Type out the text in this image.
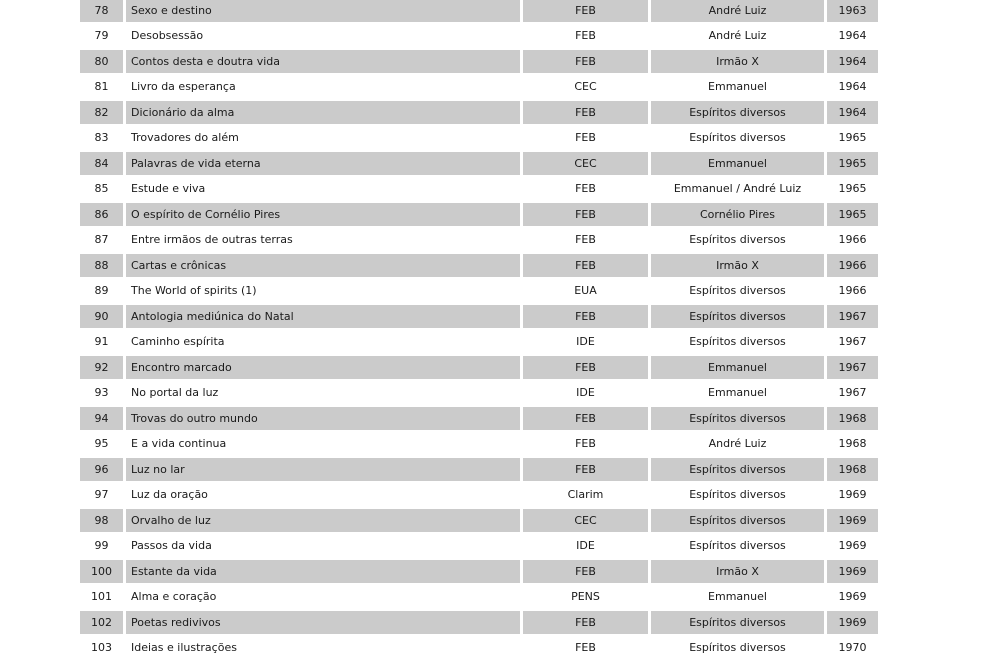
78	Sexo e destino	FEB	André Luiz	1963
79	Desobsessão	FEB	André Luiz	1964
80	Contos desta e doutra vida	FEB	Irmão X	1964
81	Livro da esperança	CEC	Emmanuel	1964
82	Dicionário da alma	FEB	Espíritos diversos	1964
83	Trovadores do além	FEB	Espíritos diversos	1965
84	Palavras de vida eterna	CEC	Emmanuel	1965
85	Estude e viva	FEB	Emmanuel / André Luiz	1965
86	O espírito de Cornélio Pires	FEB	Cornélio Pires	1965
87	Entre irmãos de outras terras	FEB	Espíritos diversos	1966
88	Cartas e crônicas	FEB	Irmão X	1966
89	The World of spirits (1)	EUA	Espíritos diversos	1966
90	Antologia mediúnica do Natal	FEB	Espíritos diversos	1967
91	Caminho espírita	IDE	Espíritos diversos	1967
92	Encontro marcado	FEB	Emmanuel	1967
93	No portal da luz	IDE	Emmanuel	1967
94	Trovas do outro mundo	FEB	Espíritos diversos	1968
95	E a vida continua	FEB	André Luiz	1968
96	Luz no lar	FEB	Espíritos diversos	1968
97	Luz da oração	Clarim	Espíritos diversos	1969
98	Orvalho de luz	CEC	Espíritos diversos	1969
99	Passos da vida	IDE	Espíritos diversos	1969
100	Estante da vida	FEB	Irmão X	1969
101	Alma e coração	PENS	Emmanuel	1969
102	Poetas redivivos	FEB	Espíritos diversos	1969
103	Ideias e ilustrações	FEB	Espíritos diversos	1970
